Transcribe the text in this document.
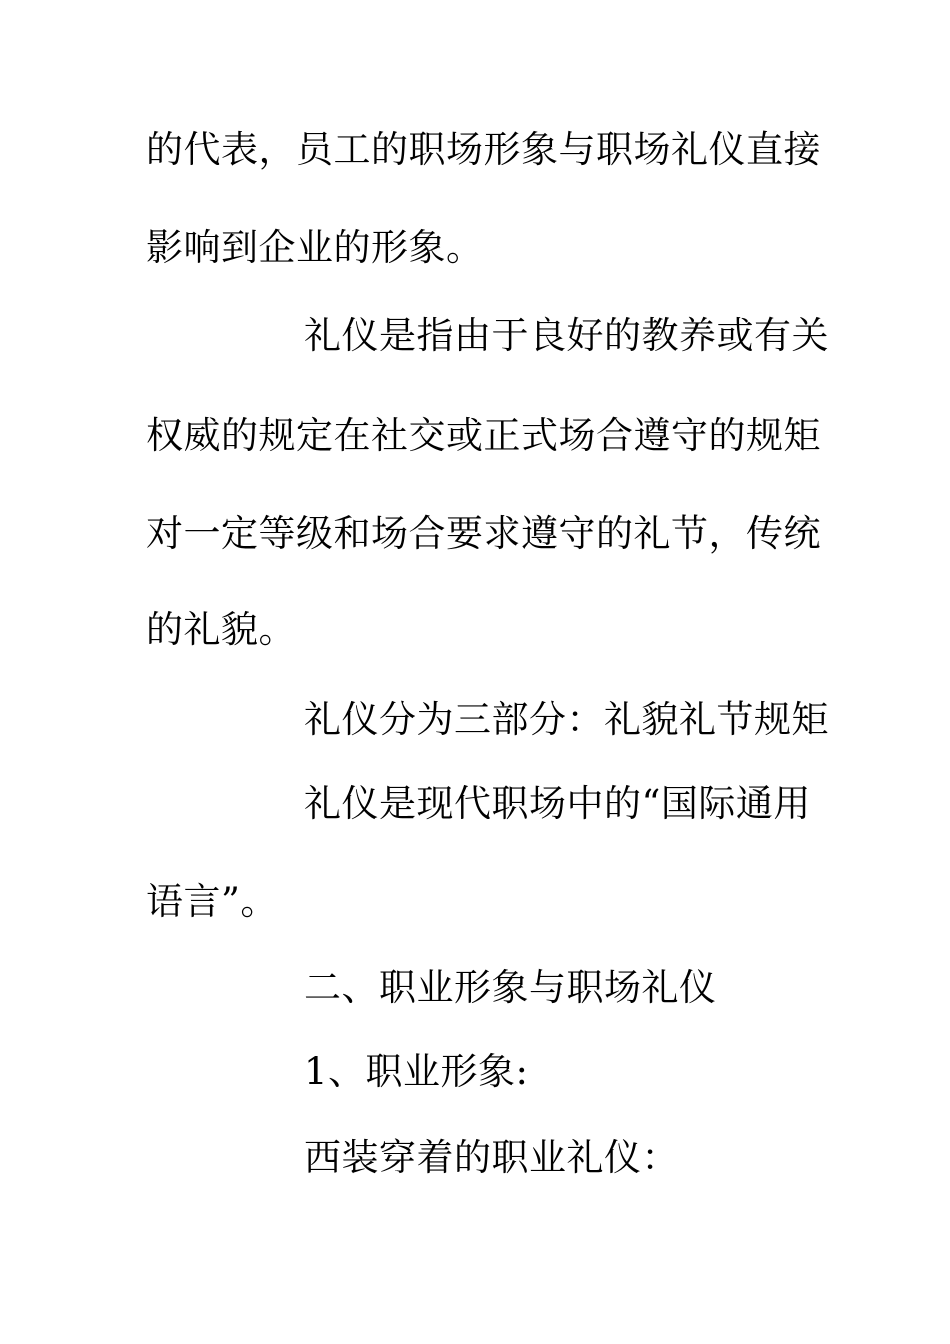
的代表，员工的职场形象与职场礼仪直接
影响到企业的形象。
礼仪是指由于良好的教养或有关
权威的规定在社交或正式场合遵守的规矩
对一定等级和场合要求遵守的礼节，传统
的礼貌。
礼仪分为三部分：礼貌礼节规矩
礼仪是现代职场中的“国际通用
语言”。
二、职业形象与职场礼仪
1、职业形象:
西装穿着的职业礼仪：
